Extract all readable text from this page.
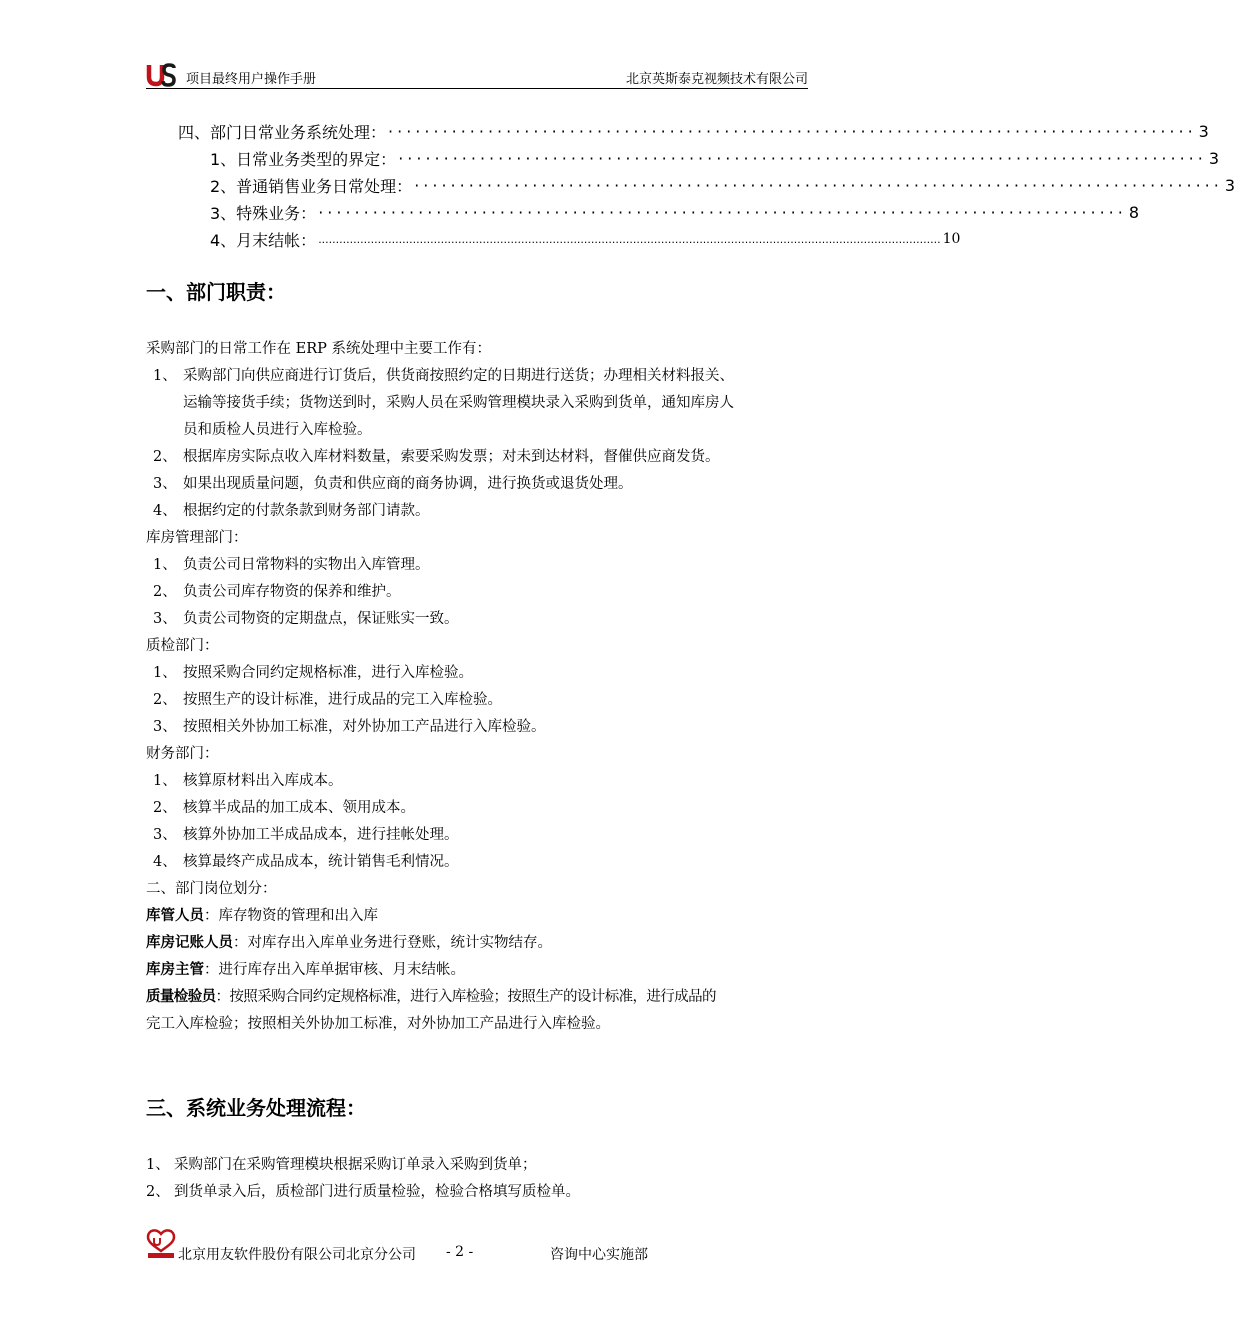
US
项目最终用户操作手册	北京英斯泰克视频技术有限公司
四、部门日常业务系统处理： ························································································· 3
1、日常业务类型的界定： ························································································· 3
2、普通销售业务日常处理： ························································································· 3
3、特殊业务： ························································································· 8
4、月末结帐： .................................................................................................................................................................................. 10
一、部门职责：
采购部门的日常工作在 ERP 系统处理中主要工作有：
1、 采购部门向供应商进行订货后，供货商按照约定的日期进行送货；办理相关材料报关、
运输等接货手续；货物送到时，采购人员在采购管理模块录入采购到货单，通知库房人
员和质检人员进行入库检验。
2、 根据库房实际点收入库材料数量，索要采购发票；对未到达材料，督催供应商发货。
3、 如果出现质量问题，负责和供应商的商务协调，进行换货或退货处理。
4、 根据约定的付款条款到财务部门请款。
库房管理部门：
1、 负责公司日常物料的实物出入库管理。
2、 负责公司库存物资的保养和维护。
3、 负责公司物资的定期盘点，保证账实一致。
质检部门：
1、 按照采购合同约定规格标准，进行入库检验。
2、 按照生产的设计标准，进行成品的完工入库检验。
3、 按照相关外协加工标准，对外协加工产品进行入库检验。
财务部门：
1、 核算原材料出入库成本。
2、 核算半成品的加工成本、领用成本。
3、 核算外协加工半成品成本，进行挂帐处理。
4、 核算最终产成品成本，统计销售毛利情况。
二、部门岗位划分：
库管人员：库存物资的管理和出入库
库房记账人员：对库存出入库单业务进行登账，统计实物结存。
库房主管：进行库存出入库单据审核、月末结帐。
质量检验员：按照采购合同约定规格标准，进行入库检验；按照生产的设计标准，进行成品的
完工入库检验；按照相关外协加工标准，对外协加工产品进行入库检验。
三、系统业务处理流程：
1、 采购部门在采购管理模块根据采购订单录入采购到货单；
2、 到货单录入后，质检部门进行质量检验，检验合格填写质检单。
UFSOFT
北京用友软件股份有限公司北京分公司 - 2 -	咨询中心实施部
